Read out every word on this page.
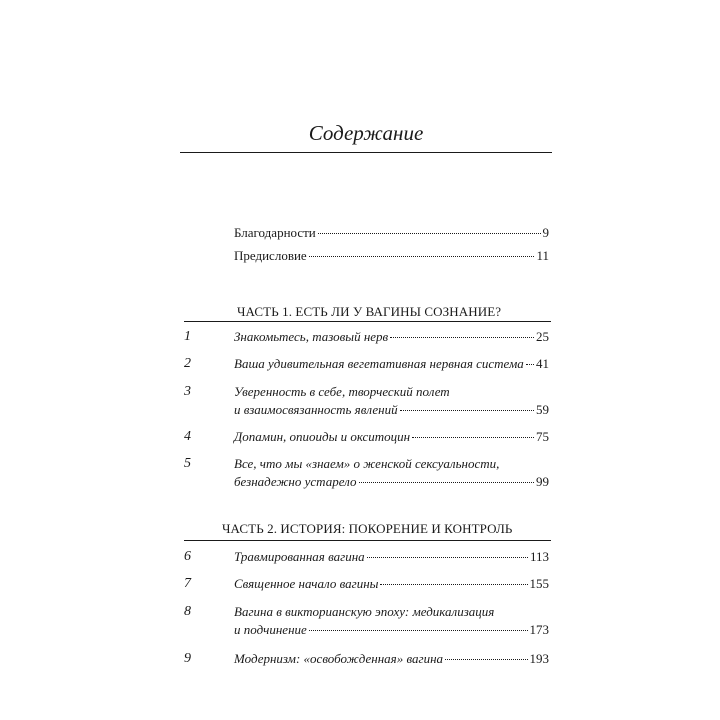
Содержание
Благодарности	9
Предисловие	11
ЧАСТЬ 1. ЕСТЬ ЛИ У ВАГИНЫ СОЗНАНИЕ?
1	Знакомьтесь, тазовый нерв	25
2	Ваша удивительная вегетативная нервная система 41
3	Уверенность в себе, творческий полет
и взаимосвязанность явлений	59
4	Допамин, опиоиды и окситоцин	75
5	Все, что мы «знаем» о женской сексуальности,
безнадежно устарело	99
ЧАСТЬ 2. ИСТОРИЯ: ПОКОРЕНИЕ И КОНТРОЛЬ
6	Травмированная вагина	113
7	Священное начало вагины	155
8	Вагина в викторианскую эпоху: медикализация
и подчинение	173
9	Модернизм: «освобожденная» вагина	193
